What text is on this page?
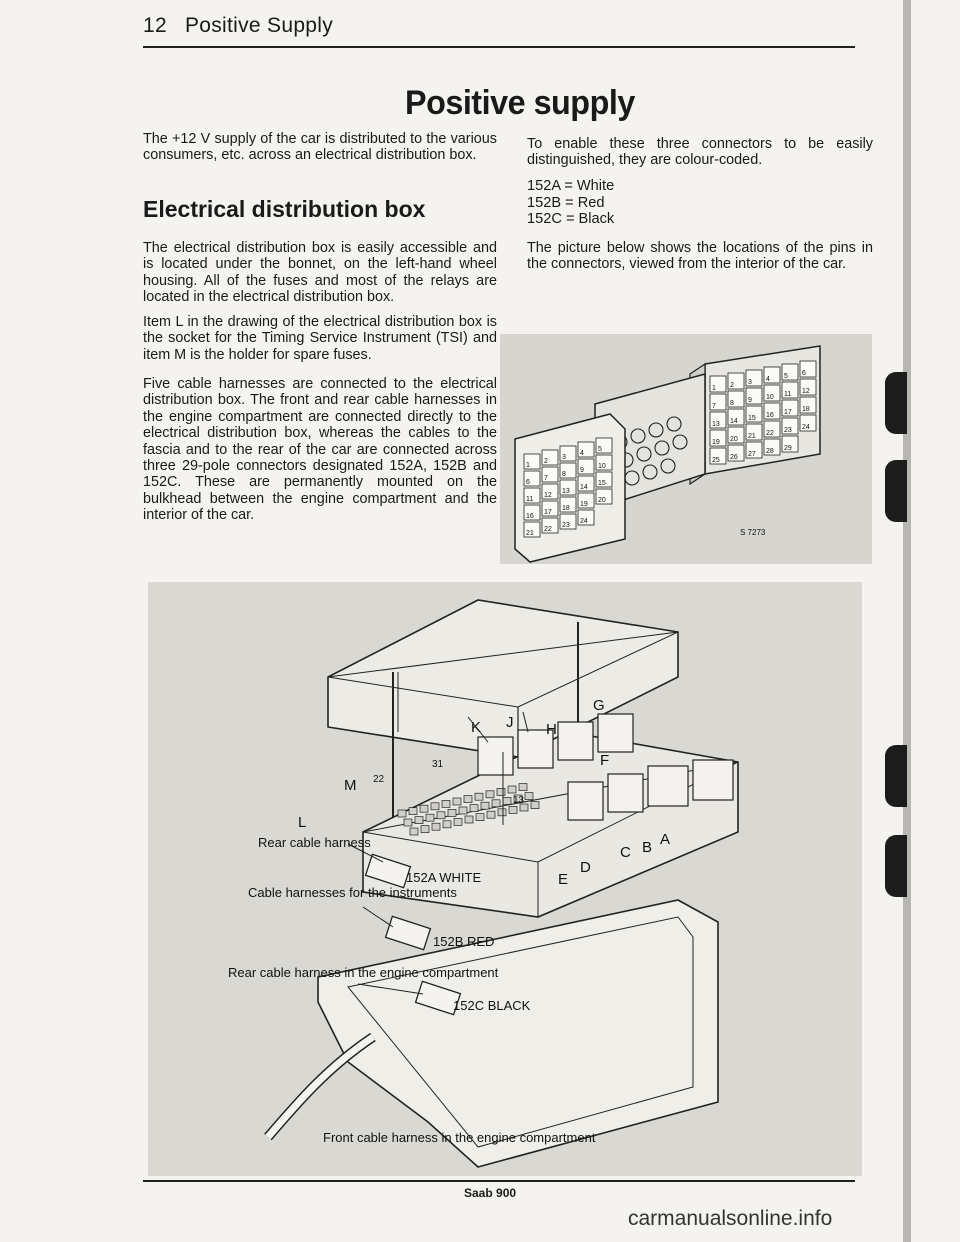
12 Positive Supply
Positive supply
The +12 V supply of the car is distributed to the various consumers, etc. across an electrical distribution box.
Electrical distribution box
The electrical distribution box is easily accessible and is located under the bonnet, on the left-hand wheel housing. All of the fuses and most of the relays are located in the electrical distribution box.
Item L in the drawing of the electrical distribution box is the socket for the Timing Service Instrument (TSI) and item M is the holder for spare fuses.
Five cable harnesses are connected to the electrical distribution box. The front and rear cable harnesses in the engine compartment are connected directly to the electrical distribution box, whereas the cables to the fascia and to the rear of the car are connected across three 29-pole connectors designated 152A, 152B and 152C. These are permanently mounted on the bulkhead between the engine compartment and the interior of the car.
To enable these three connectors to be easily distinguished, they are colour-coded.
152A = White
152B = Red
152C = Black
The picture below shows the locations of the pins in the connectors, viewed from the interior of the car.
1 2 3 4 5 6
7 8 9 10 11 12
13 14 15 16 17 18
19 20 21 22 23 24
25 26 27 28 29
1
2
3
4
5
6
7
8
9
10
11
12
13
14
15
16
17
18
19
20
21
22
23
24
S 7273
K J H
G
F
M
L
C B A
E
D
22
31
13
Rear cable harness
Cable harnesses for the instruments
Rear cable harness in the engine compartment
Front cable harness in the engine compartment
152A WHITE
152B RED
152C BLACK
Saab 900
carmanualsonline.info
